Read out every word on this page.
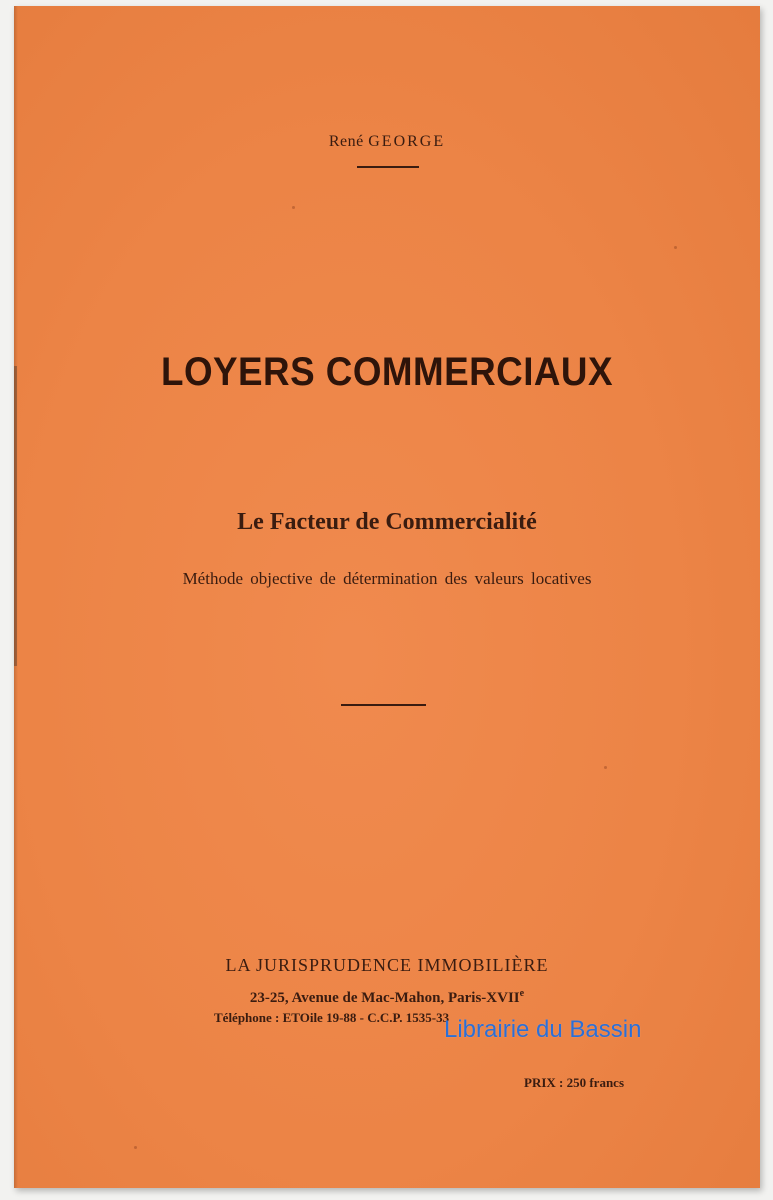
René GEORGE
LOYERS COMMERCIAUX
Le Facteur de Commercialité
Méthode objective de détermination des valeurs locatives
LA JURISPRUDENCE IMMOBILIÈRE
23-25, Avenue de Mac-Mahon, Paris-XVIIe
Téléphone : ETOile 19-88 - C.C.P. 1535-33
PRIX : 250 francs
Librairie du Bassin
